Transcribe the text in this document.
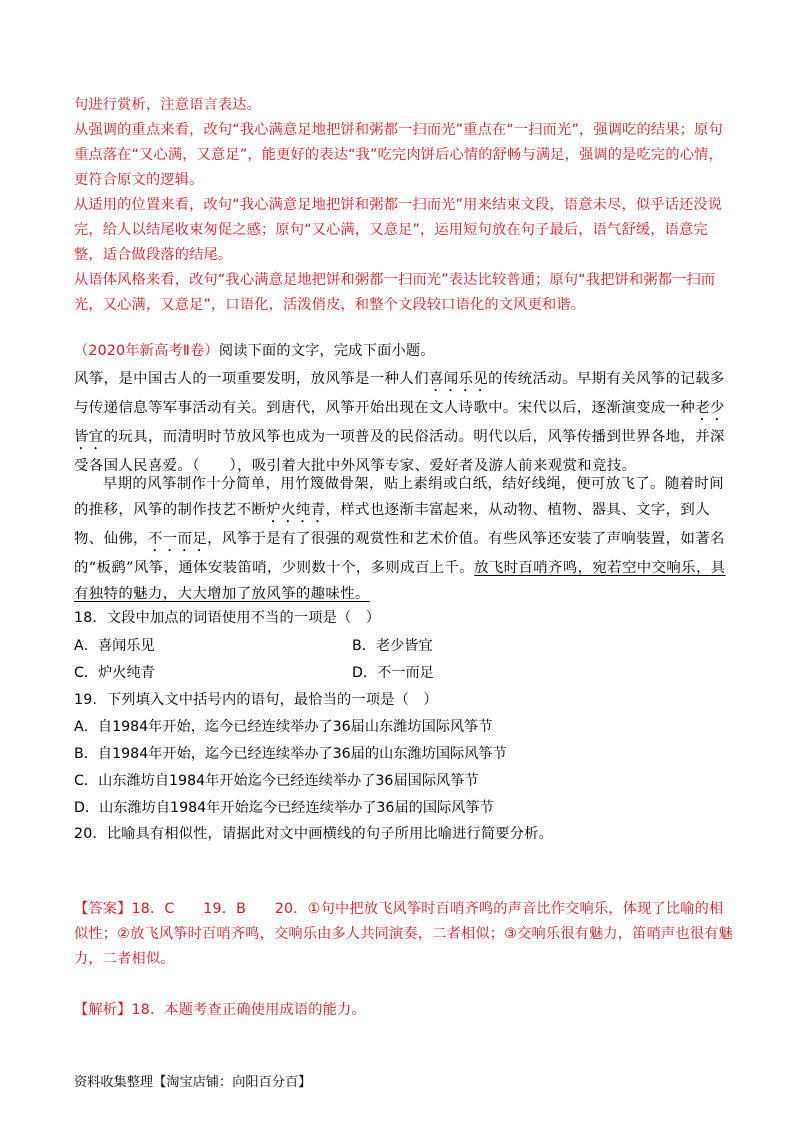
句进行赏析，注意语言表达。
从强调的重点来看，改句“我心满意足地把饼和粥都一扫而光”重点在“一扫而光”，强调吃的结果；原句重点落在“又心满，又意足”，能更好的表达“我”吃完肉饼后心情的舒畅与满足，强调的是吃完的心情，更符合原文的逻辑。
从适用的位置来看，改句“我心满意足地把饼和粥都一扫而光”用来结束文段，语意未尽，似乎话还没说完，给人以结尾收束匆促之感；原句“又心满，又意足”，运用短句放在句子最后，语气舒缓，语意完整，适合做段落的结尾。
从语体风格来看，改句“我心满意足地把饼和粥都一扫而光”表达比较普通；原句“我把饼和粥都一扫而光，又心满，又意足”，口语化，活泼俏皮，和整个文段较口语化的文风更和谐。
（2020年新高考Ⅱ卷）阅读下面的文字，完成下面小题。
风筝，是中国古人的一项重要发明，放风筝是一种人们喜闻乐见的传统活动。早期有关风筝的记载多与传递信息等军事活动有关。到唐代，风筝开始出现在文人诗歌中。宋代以后，逐渐演变成一种老少皆宜的玩具，而清明时节放风筝也成为一项普及的民俗活动。明代以后，风筝传播到世界各地，并深受各国人民喜爱。（　　），吸引着大批中外风筝专家、爱好者及游人前来观赏和竞技。
早期的风筝制作十分简单，用竹篾做骨架，贴上素绢或白纸，结好线绳，便可放飞了。随着时间的推移，风筝的制作技艺不断炉火纯青，样式也逐渐丰富起来，从动物、植物、器具、文字，到人物、仙佛，不一而足，风筝于是有了很强的观赏性和艺术价值。有些风筝还安装了声响装置，如著名的“板鹞”风筝，通体安装笛哨，少则数十个，多则成百上千。放飞时百哨齐鸣，宛若空中交响乐，具有独特的魅力，大大增加了放风筝的趣味性。
18．文段中加点的词语使用不当的一项是（　）
A．喜闻乐见	B．老少皆宜
C．炉火纯青	D．不一而足
19．下列填入文中括号内的语句，最恰当的一项是（　）
A．自1984年开始，迄今已经连续举办了36届山东潍坊国际风筝节
B．自1984年开始，迄今已经连续举办了36届的山东潍坊国际风筝节
C．山东潍坊自1984年开始迄今已经连续举办了36届国际风筝节
D．山东潍坊自1984年开始迄今已经连续举办了36届的国际风筝节
20．比喻具有相似性，请据此对文中画横线的句子所用比喻进行简要分析。
【答案】18．C　　19．B　　20．①句中把放飞风筝时百哨齐鸣的声音比作交响乐，体现了比喻的相似性；②放飞风筝时百哨齐鸣，交响乐由多人共同演奏，二者相似；③交响乐很有魅力，笛哨声也很有魅力，二者相似。
【解析】18．本题考查正确使用成语的能力。
资料收集整理【淘宝店铺：向阳百分百】
